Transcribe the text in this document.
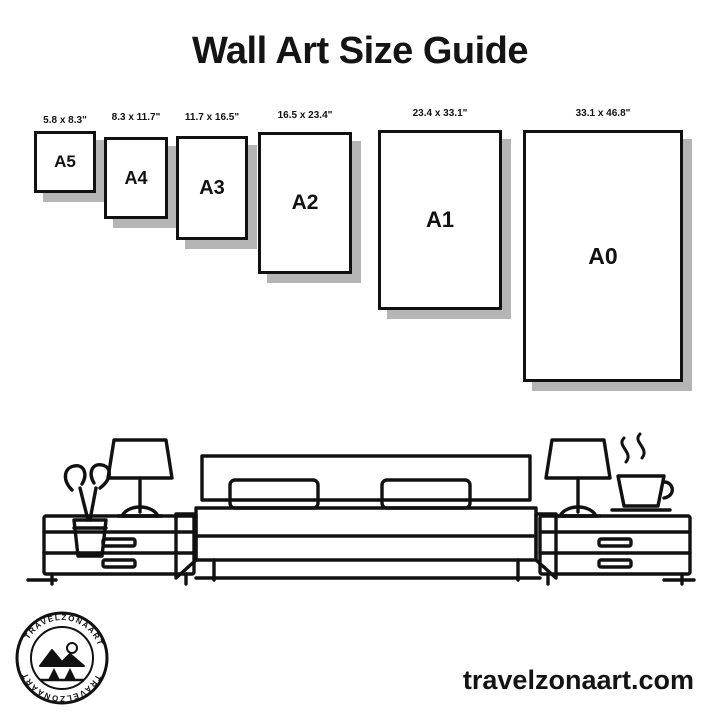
Wall Art Size Guide
5.8 x 8.3"
A5
8.3 x 11.7"
A4
11.7 x 16.5"
A3
16.5 x 23.4"
A2
23.4 x 33.1"
A1
33.1 x 46.8"
A0
TRAVELZONAART
TRAVELZONAART	travelzonaart.com
